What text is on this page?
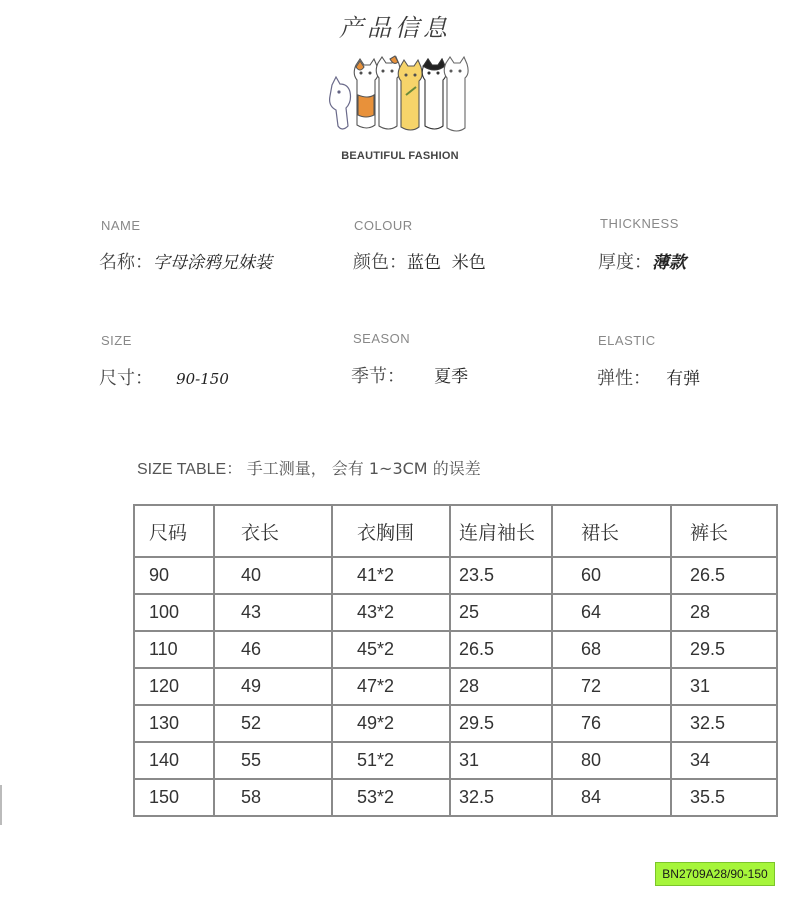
产品信息
BEAUTIFUL FASHION
NAME
名称：字母涂鸦兄妹装
COLOUR
颜色：蓝色  米色
THICKNESS
厚度：薄款
SIZE
尺寸： 90-150
SEASON
季节： 夏季
ELASTIC
弹性： 有弹
SIZE TABLE： 手工测量， 会有 1~3CM 的误差
尺码	衣长	衣胸围	连肩袖长	裙长	裤长
90	40	41*2	23.5	60	26.5
100	43	43*2	25	64	28
110	46	45*2	26.5	68	29.5
120	49	47*2	28	72	31
130	52	49*2	29.5	76	32.5
140	55	51*2	31	80	34
150	58	53*2	32.5	84	35.5
BN2709A28/90-150
